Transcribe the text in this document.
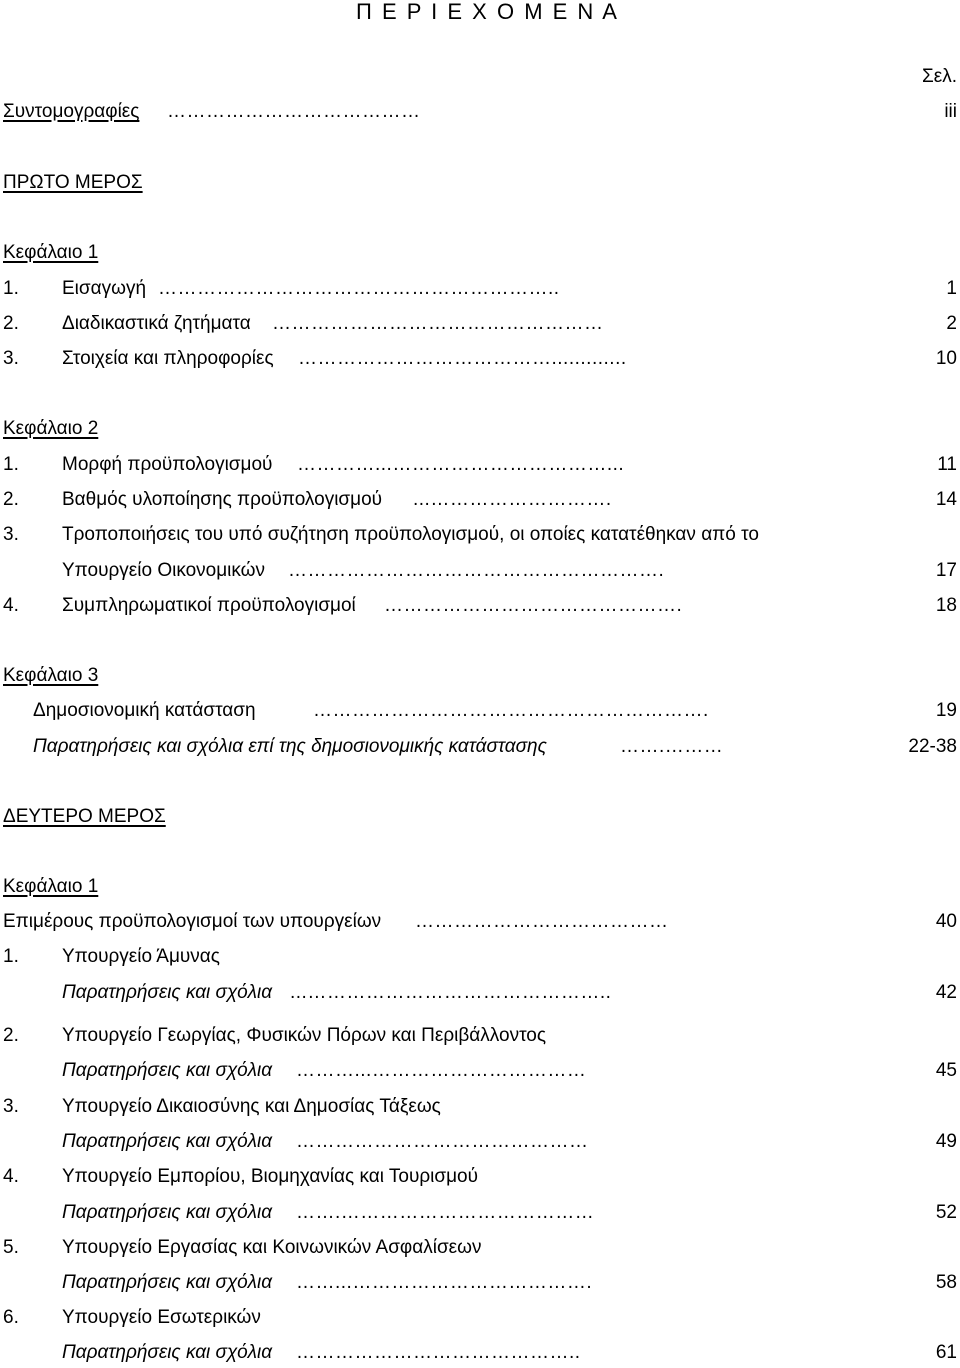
Π Ε Ρ Ι Ε Χ Ο Μ Ε Ν Α
Σελ.
Συντομογραφίες …………………………………	iii
ΠΡΩΤΟ ΜΕΡΟΣ
Κεφάλαιο 1
1. Εισαγωγή ……………………………………………………..	1
2. Διαδικαστικά ζητήματα ……………………………………………	2
3. Στοιχεία και πληροφορίες ………………………………….............	10
Κεφάλαιο 2
1. Μορφή προϋπολογισμού …………...……………………………...	11
2. Βαθμός υλοποίησης προϋπολογισμού ...……………………….	14
3. Τροποποιήσεις του υπό συζήτηση προϋπολογισμού, οι οποίες κατατέθηκαν από το
Υπουργείο Οικονομικών ………………………………………………….	17
4. Συμπληρωματικοί προϋπολογισμοί ……………………………………….	18
Κεφάλαιο 3
Δημοσιονομική κατάσταση	…………………………………………………….	19
Παρατηρήσεις και σχόλια επί της δημοσιονομικής κατάστασης	…….………	22-38
ΔΕΥΤΕΡΟ ΜΕΡΟΣ
Κεφάλαιο 1
Επιμέρους προϋπολογισμοί των υπουργείων …………………………………	40
1. Υπουργείο Άμυνας
Παρατηρήσεις και σχόλια ...………………………………………..	42
2. Υπουργείο Γεωργίας, Φυσικών Πόρων και Περιβάλλοντος
Παρατηρήσεις και σχόλια ………...……………………………	45
3. Υπουργείο Δικαιοσύνης και Δημοσίας Τάξεως
Παρατηρήσεις και σχόλια ………………………………………	49
4. Υπουργείο Εμπορίου, Βιομηχανίας και Τουρισμού
Παρατηρήσεις και σχόλια …….…………………………………	52
5. Υπουργείο Εργασίας και Κοινωνικών Ασφαλίσεων
Παρατηρήσεις και σχόλια ……...……………………………….	58
6. Υπουργείο Εσωτερικών
Παρατηρήσεις και σχόλια ……………………………………..	61
